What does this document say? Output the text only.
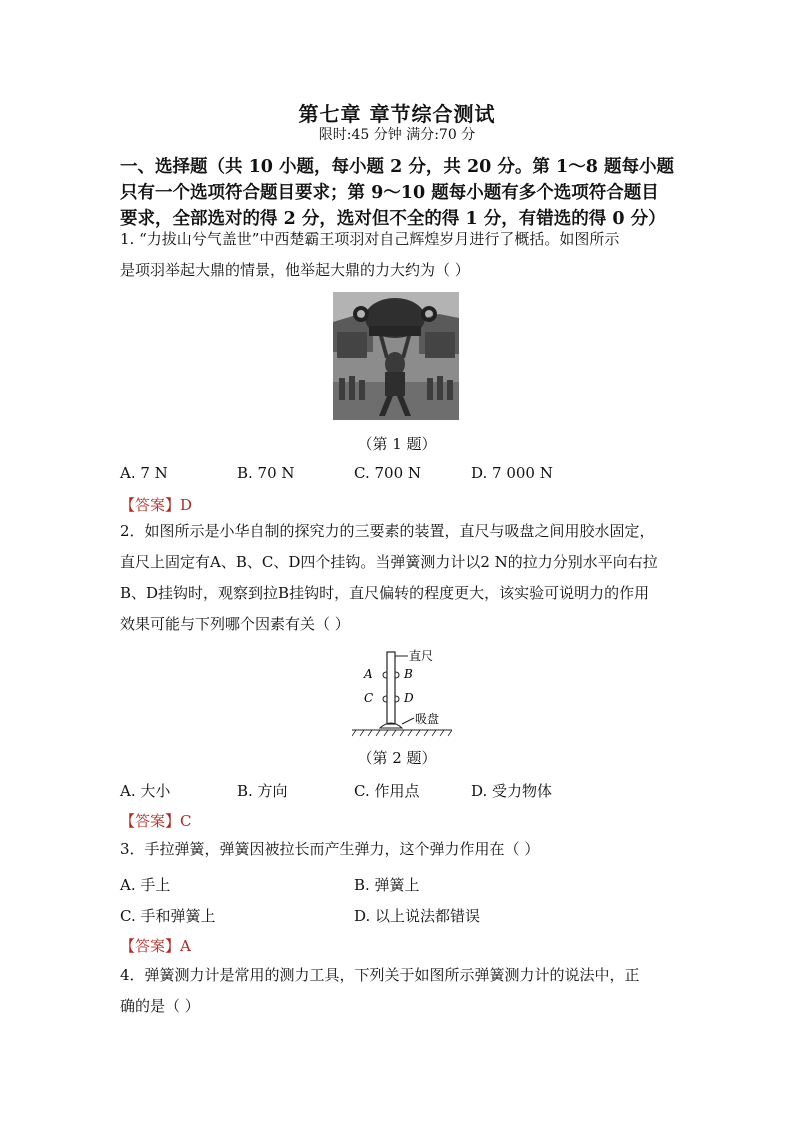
第七章 章节综合测试
限时:45 分钟 满分:70 分
一、选择题（共 10 小题，每小题 2 分，共 20 分。第 1～8 题每小题
只有一个选项符合题目要求；第 9～10 题每小题有多个选项符合题目
要求，全部选对的得 2 分，选对但不全的得 1 分，有错选的得 0 分）
1. “力拔山兮气盖世”中西楚霸王项羽对自己辉煌岁月进行了概括。如图所示
是项羽举起大鼎的情景，他举起大鼎的力大约为（ ）
（第 1 题）
A. 7 N	B. 70 N	C. 700 N	D. 7 000 N
【答案】D
2．如图所示是小华自制的探究力的三要素的装置，直尺与吸盘之间用胶水固定，
直尺上固定有A、B、C、D四个挂钩。当弹簧测力计以2 N的拉力分别水平向右拉
B、D挂钩时，观察到拉B挂钩时，直尺偏转的程度更大，该实验可说明力的作用
效果可能与下列哪个因素有关（ ）
直尺
A	B
C	D
吸盘
（第 2 题）
A. 大小	B. 方向	C. 作用点	D. 受力物体
【答案】C
3．手拉弹簧，弹簧因被拉长而产生弹力，这个弹力作用在（ ）
A. 手上	B. 弹簧上
C. 手和弹簧上	D. 以上说法都错误
【答案】A
4．弹簧测力计是常用的测力工具，下列关于如图所示弹簧测力计的说法中，正
确的是（ ）
